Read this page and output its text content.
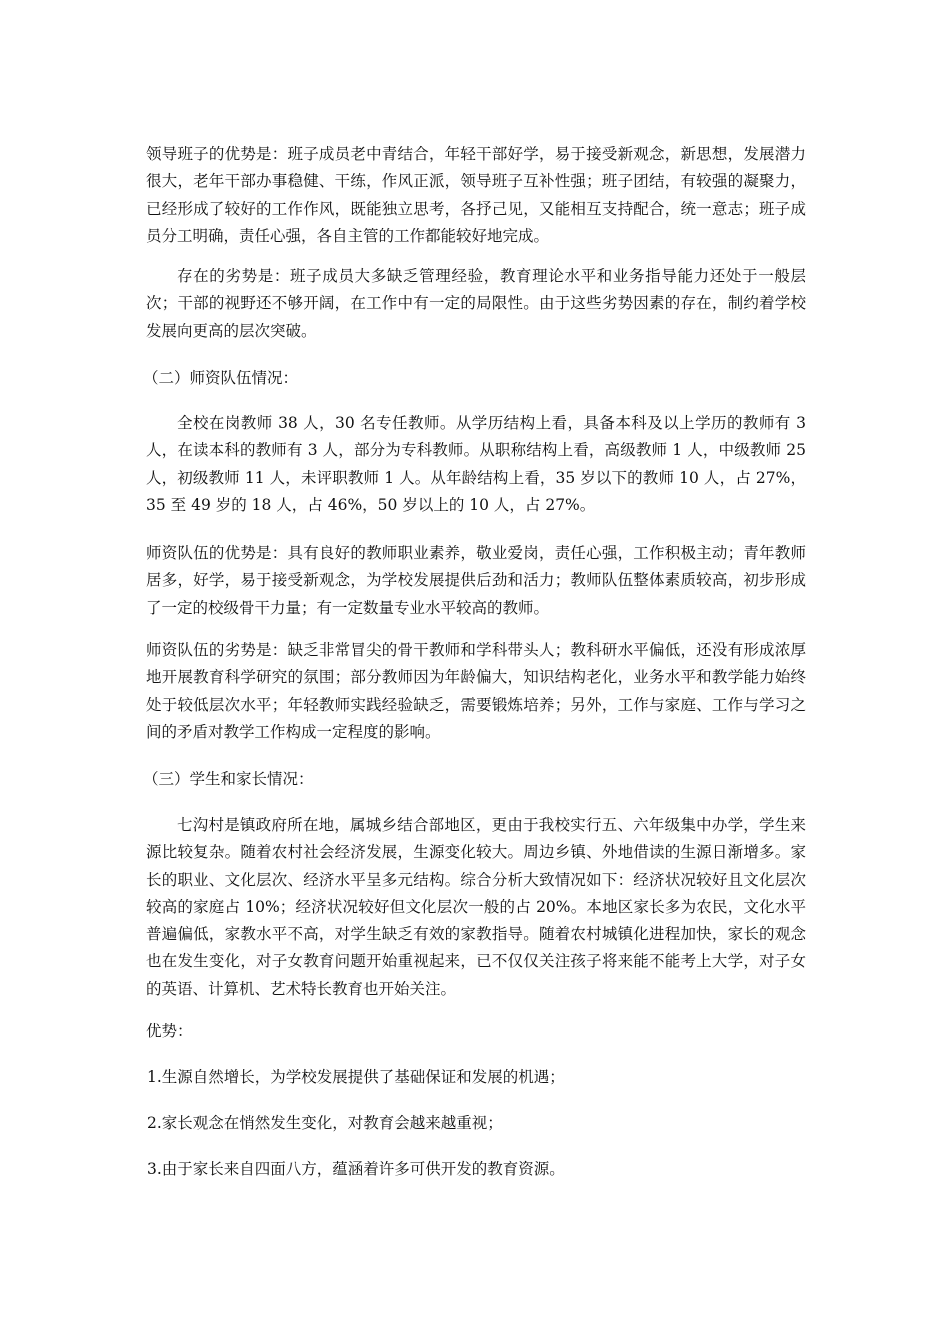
领导班子的优势是：班子成员老中青结合，年轻干部好学，易于接受新观念，新思想，发展潜力很大，老年干部办事稳健、干练，作风正派，领导班子互补性强；班子团结，有较强的凝聚力，已经形成了较好的工作作风，既能独立思考，各抒己见，又能相互支持配合，统一意志；班子成员分工明确，责任心强，各自主管的工作都能较好地完成。

存在的劣势是：班子成员大多缺乏管理经验，教育理论水平和业务指导能力还处于一般层次；干部的视野还不够开阔，在工作中有一定的局限性。由于这些劣势因素的存在，制约着学校发展向更高的层次突破。

（二）师资队伍情况：

全校在岗教师 38 人，30 名专任教师。从学历结构上看，具备本科及以上学历的教师有 3 人，在读本科的教师有 3 人，部分为专科教师。从职称结构上看，高级教师 1 人，中级教师 25 人，初级教师 11 人，未评职教师 1 人。从年龄结构上看，35 岁以下的教师 10 人，占 27%，35 至 49 岁的 18 人，占 46%，50 岁以上的 10 人，占 27%。

师资队伍的优势是：具有良好的教师职业素养，敬业爱岗，责任心强，工作积极主动；青年教师居多，好学，易于接受新观念，为学校发展提供后劲和活力；教师队伍整体素质较高，初步形成了一定的校级骨干力量；有一定数量专业水平较高的教师。

师资队伍的劣势是：缺乏非常冒尖的骨干教师和学科带头人；教科研水平偏低，还没有形成浓厚地开展教育科学研究的氛围；部分教师因为年龄偏大，知识结构老化，业务水平和教学能力始终处于较低层次水平；年轻教师实践经验缺乏，需要锻炼培养；另外，工作与家庭、工作与学习之间的矛盾对教学工作构成一定程度的影响。

（三）学生和家长情况：

七沟村是镇政府所在地，属城乡结合部地区，更由于我校实行五、六年级集中办学，学生来源比较复杂。随着农村社会经济发展，生源变化较大。周边乡镇、外地借读的生源日渐增多。家长的职业、文化层次、经济水平呈多元结构。综合分析大致情况如下：经济状况较好且文化层次较高的家庭占 10%；经济状况较好但文化层次一般的占 20%。本地区家长多为农民，文化水平普遍偏低，家教水平不高，对学生缺乏有效的家教指导。随着农村城镇化进程加快，家长的观念也在发生变化，对子女教育问题开始重视起来，已不仅仅关注孩子将来能不能考上大学，对子女的英语、计算机、艺术特长教育也开始关注。

优势：

1.生源自然增长，为学校发展提供了基础保证和发展的机遇；

2.家长观念在悄然发生变化，对教育会越来越重视；

3.由于家长来自四面八方，蕴涵着许多可供开发的教育资源。
